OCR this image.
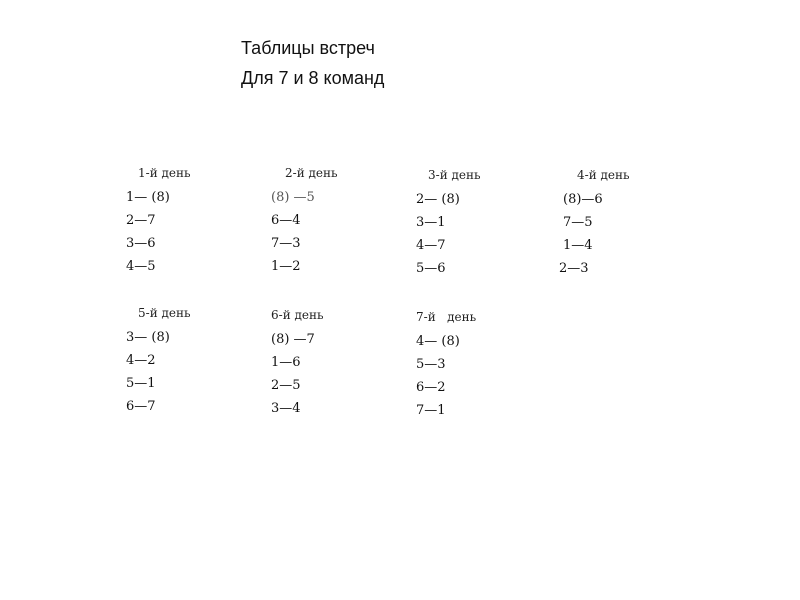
Таблицы встреч
Для 7 и 8 команд
1-й день
1— (8)
2—7
3—6
4—5
2-й день
(8) —5
6—4
7—3
1—2
3-й день
2— (8)
3—1
4—7
5—6
4-й день
(8)—6
7—5
1—4
2—3
5-й день
3— (8)
4—2
5—1
6—7
6-й день
(8) —7
1—6
2—5
3—4
7-й   день
4— (8)
5—3
6—2
7—1
